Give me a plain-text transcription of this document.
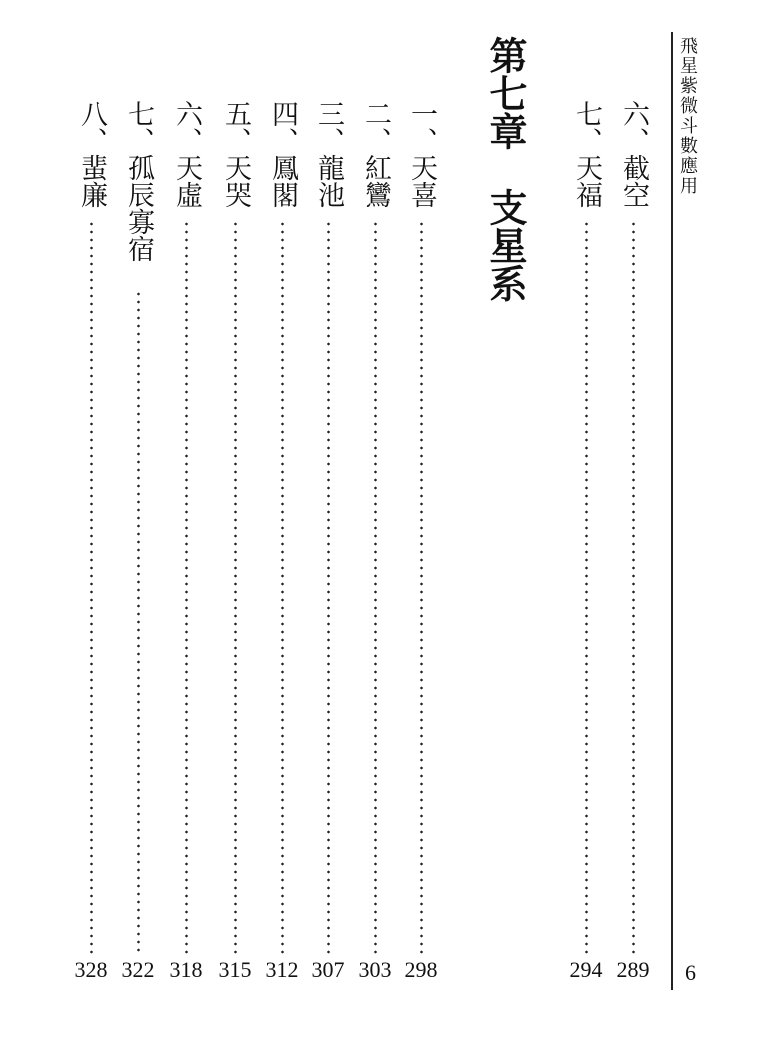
飛星紫微斗數應用
6
六、截空
289
七、天福
294
第七章　支星系
一、天喜
298
二、紅鸞
303
三、龍池
307
四、鳳閣
312
五、天哭
315
六、天虛
318
七、孤辰寡宿
322
八、蜚廉
328
